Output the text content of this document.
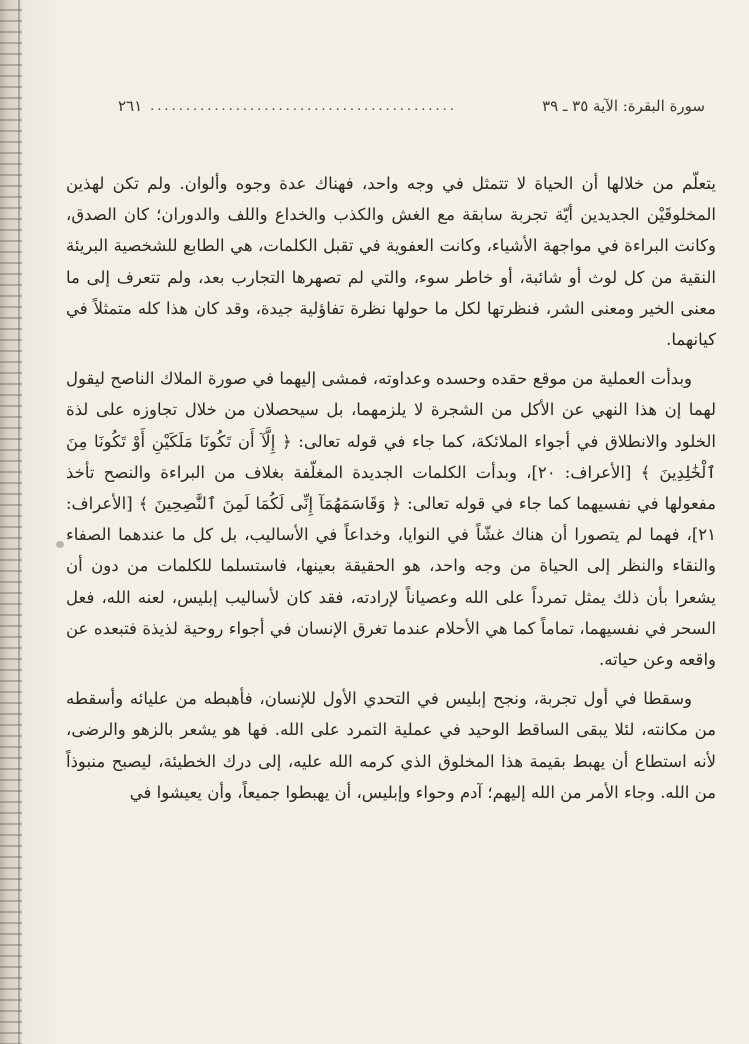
سورة البقرة: الآية ٣٥ ـ ٣٩
...........................................
٢٦١

يتعلّم من خلالها أن الحياة لا تتمثل في وجه واحد، فهناك عدة وجوه وألوان. ولم تكن لهذين المخلوقَيْن الجديدين أيّة تجربة سابقة مع الغش والكذب والخداع واللف والدوران؛ كان الصدق، وكانت البراءة في مواجهة الأشياء، وكانت العفوية في تقبل الكلمات، هي الطابع للشخصية البريئة النقية من كل لوث أو شائبة، أو خاطر سوء، والتي لم تصهرها التجارب بعد، ولم تتعرف إلى ما معنى الخير ومعنى الشر، فنظرتها لكل ما حولها نظرة تفاؤلية جيدة، وقد كان هذا كله متمثلاً في كيانهما.

وبدأت العملية من موقع حقده وحسده وعداوته، فمشى إليهما في صورة الملاك الناصح ليقول لهما إن هذا النهي عن الأكل من الشجرة لا يلزمهما، بل سيحصلان من خلال تجاوزه على لذة الخلود والانطلاق في أجواء الملائكة، كما جاء في قوله تعالى: ﴿ إِلَّآ أَن تَكُونَا مَلَكَيْنِ أَوْ تَكُونَا مِنَ ٱلْخَٰلِدِينَ ﴾ [الأعراف: ٢٠]، وبدأت الكلمات الجديدة المغلّفة بغلاف من البراءة والنصح تأخذ مفعولها في نفسيهما كما جاء في قوله تعالى: ﴿ وَقَاسَمَهُمَآ إِنِّى لَكُمَا لَمِنَ ٱلنَّٰصِحِينَ ﴾ [الأعراف: ٢١]، فهما لم يتصورا أن هناك غشّاً في النوايا، وخداعاً في الأساليب، بل كل ما عندهما الصفاء والنقاء والنظر إلى الحياة من وجه واحد، هو الحقيقة بعينها، فاستسلما للكلمات من دون أن يشعرا بأن ذلك يمثل تمرداً على الله وعصياناً لإرادته، فقد كان لأساليب إبليس، لعنه الله، فعل السحر في نفسيهما، تماماً كما هي الأحلام عندما تغرق الإنسان في أجواء روحية لذيذة فتبعده عن واقعه وعن حياته.

وسقطا في أول تجربة، ونجح إبليس في التحدي الأول للإنسان، فأهبطه من عليائه وأسقطه من مكانته، لئلا يبقى الساقط الوحيد في عملية التمرد على الله. فها هو يشعر بالزهو والرضى، لأنه استطاع أن يهبط بقيمة هذا المخلوق الذي كرمه الله عليه، إلى درك الخطيئة، ليصبح منبوذاً من الله. وجاء الأمر من الله إليهم؛ آدم وحواء وإبليس، أن يهبطوا جميعاً، وأن يعيشوا في
